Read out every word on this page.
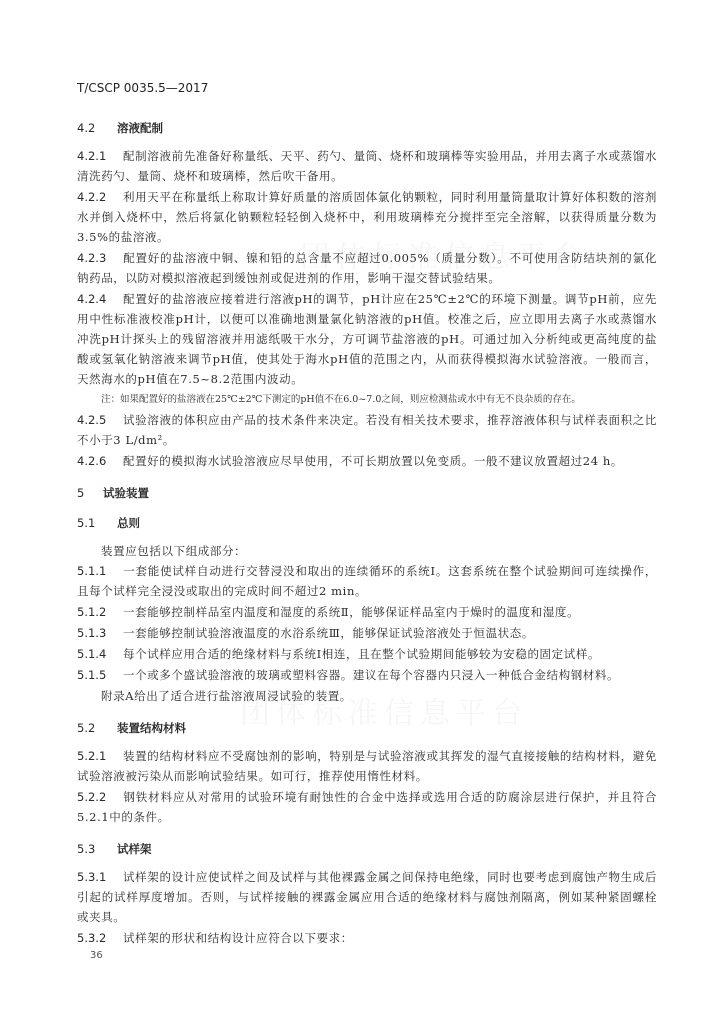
T/CSCP 0035.5—2017
4.2 溶液配制

4.2.1 配制溶液前先准备好称量纸、天平、药勺、量筒、烧杯和玻璃棒等实验用品，并用去离子水或蒸馏水清洗药勺、量筒、烧杯和玻璃棒，然后吹干备用。

4.2.2 利用天平在称量纸上称取计算好质量的溶质固体氯化钠颗粒，同时利用量筒量取计算好体积数的溶剂水并倒入烧杯中，然后将氯化钠颗粒轻轻倒入烧杯中，利用玻璃棒充分搅拌至完全溶解，以获得质量分数为3.5%的盐溶液。

4.2.3 配置好的盐溶液中铜、镍和铅的总含量不应超过0.005%（质量分数）。不可使用含防结块剂的氯化钠药品，以防对模拟溶液起到缓蚀剂或促进剂的作用，影响干湿交替试验结果。

4.2.4 配置好的盐溶液应接着进行溶液pH的调节，pH计应在25℃±2℃的环境下测量。调节pH前，应先用中性标准液校准pH计，以便可以准确地测量氯化钠溶液的pH值。校准之后，应立即用去离子水或蒸馏水冲洗pH计探头上的残留溶液并用滤纸吸干水分，方可调节盐溶液的pH。可通过加入分析纯或更高纯度的盐酸或氢氧化钠溶液来调节pH值，使其处于海水pH值的范围之内，从而获得模拟海水试验溶液。一般而言，天然海水的pH值在7.5~8.2范围内波动。

注：如果配置好的盐溶液在25℃±2℃下测定的pH值不在6.0~7.0之间，则应检测盐或水中有无不良杂质的存在。

4.2.5 试验溶液的体积应由产品的技术条件来决定。若没有相关技术要求，推荐溶液体积与试样表面积之比不小于3 L/dm²。

4.2.6 配置好的模拟海水试验溶液应尽早使用，不可长期放置以免变质。一般不建议放置超过24 h。

5 试验装置
5.1 总则

装置应包括以下组成部分：

5.1.1 一套能使试样自动进行交替浸没和取出的连续循环的系统Ⅰ。这套系统在整个试验期间可连续操作，且每个试样完全浸没或取出的完成时间不超过2 min。

5.1.2 一套能够控制样品室内温度和湿度的系统Ⅱ，能够保证样品室内于燥时的温度和湿度。

5.1.3 一套能够控制试验溶液温度的水浴系统Ⅲ，能够保证试验溶液处于恒温状态。

5.1.4 每个试样应用合适的绝缘材料与系统Ⅰ相连，且在整个试验期间能够较为安稳的固定试样。

5.1.5 一个或多个盛试验溶液的玻璃或塑料容器。建议在每个容器内只浸入一种低合金结构钢材料。

附录A给出了适合进行盐溶液周浸试验的装置。

5.2 装置结构材料

5.2.1 装置的结构材料应不受腐蚀剂的影响，特别是与试验溶液或其挥发的湿气直接接触的结构材料，避免试验溶液被污染从而影响试验结果。如可行，推荐使用惰性材料。

5.2.2 钢铁材料应从对常用的试验环境有耐蚀性的合金中选择或选用合适的防腐涂层进行保护，并且符合5.2.1中的条件。

5.3 试样架

5.3.1 试样架的设计应使试样之间及试样与其他裸露金属之间保持电绝缘，同时也要考虑到腐蚀产物生成后引起的试样厚度增加。否则，与试样接触的裸露金属应用合适的绝缘材料与腐蚀剂隔离，例如某种紧固螺栓或夹具。

5.3.2 试样架的形状和结构设计应符合以下要求：

36
